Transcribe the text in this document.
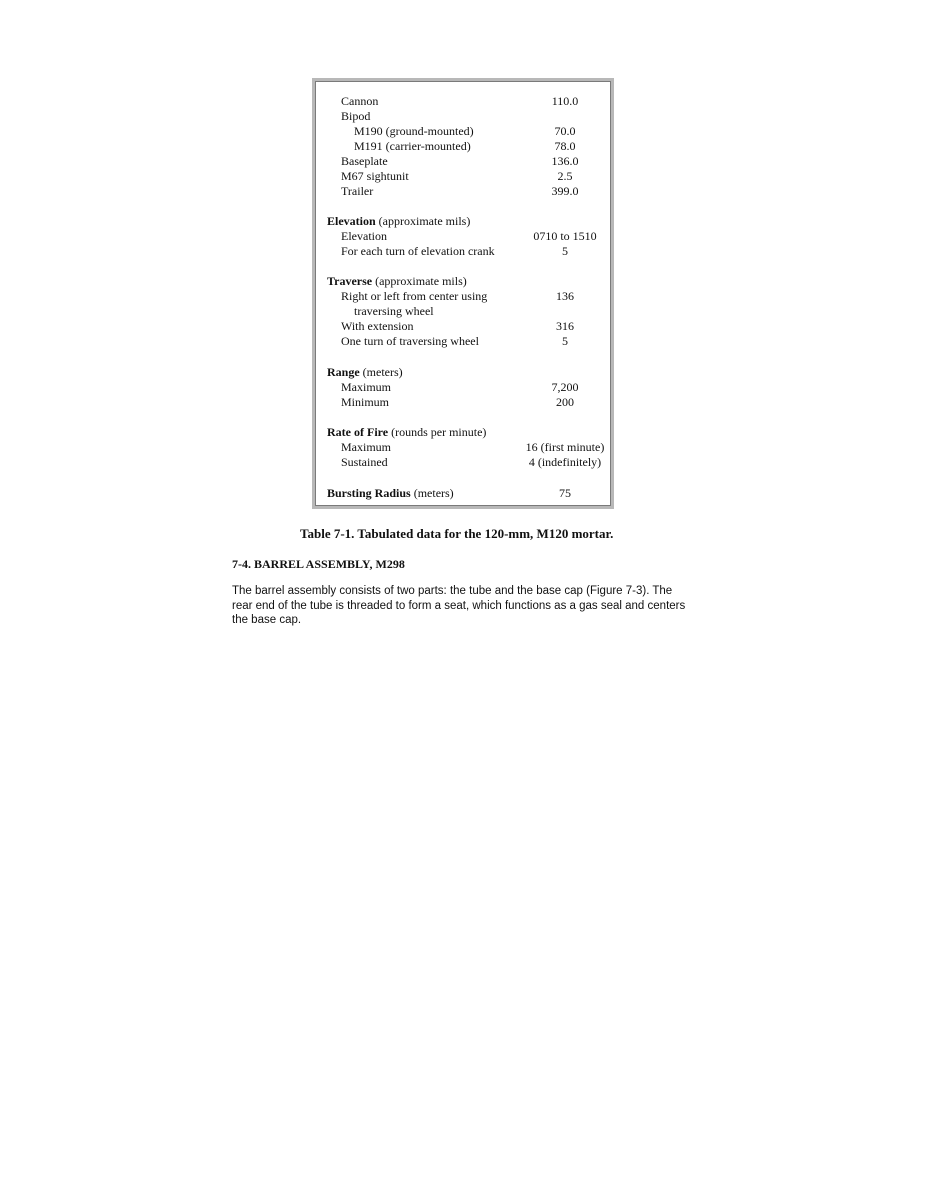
Cannon	110.0
Bipod
M190 (ground-mounted)	70.0
M191 (carrier-mounted)	78.0
Baseplate	136.0
M67 sightunit	2.5
Trailer	399.0
Elevation (approximate mils)
Elevation	0710 to 1510
For each turn of elevation crank	5
Traverse (approximate mils)
Right or left from center using	136
traversing wheel
With extension	316
One turn of traversing wheel	5
Range (meters)
Maximum	7,200
Minimum	200
Rate of Fire (rounds per minute)
Maximum	16 (first minute)
Sustained	4 (indefinitely)
Bursting Radius (meters)	75
Table 7-1. Tabulated data for the 120-mm, M120 mortar.
7-4. BARREL ASSEMBLY, M298
The barrel assembly consists of two parts: the tube and the base cap (Figure 7-3). The
rear end of the tube is threaded to form a seat, which functions as a gas seal and centers
the base cap.
